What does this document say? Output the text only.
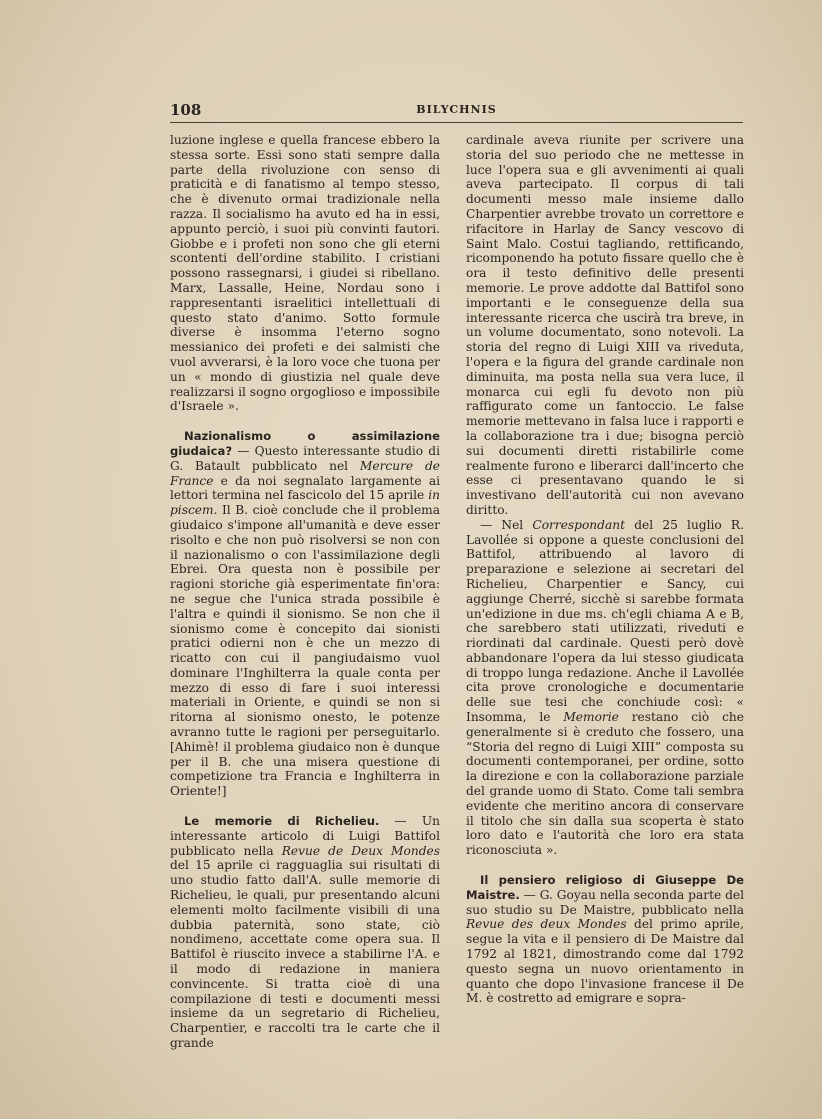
108	BILYCHNIS

luzione inglese e quella francese ebbero la stessa sorte. Essi sono stati sempre dalla parte della rivoluzione con senso di praticità e di fanatismo al tempo stesso, che è divenuto ormai tradizionale nella razza. Il socialismo ha avuto ed ha in essi, appunto perciò, i suoi più convinti fautori. Giobbe e i profeti non sono che gli eterni scontenti dell'ordine stabilito. I cristiani possono rassegnarsi, i giudei si ribellano. Marx, Lassalle, Heine, Nordau sono i rappresentanti israelitici intellettuali di questo stato d'animo. Sotto formule diverse è insomma l'eterno sogno messianico dei profeti e dei salmisti che vuol avverarsi, è la loro voce che tuona per un « mondo di giustizia nel quale deve realizzarsi il sogno orgoglioso e impossibile d'Israele ».

Nazionalismo o assimilazione giudaica? — Questo interessante studio di G. Batault pubblicato nel Mercure de France e da noi segnalato largamente ai lettori termina nel fascicolo del 15 aprile in piscem. Il B. cioè conclude che il problema giudaico s'impone all'umanità e deve esser risolto e che non può risolversi se non con il nazionalismo o con l'assimilazione degli Ebrei. Ora questa non è possibile per ragioni storiche già esperimentate fin'ora: ne segue che l'unica strada possibile è l'altra e quindi il sionismo. Se non che il sionismo come è concepito dai sionisti pratici odierni non è che un mezzo di ricatto con cui il pangiudaismo vuol dominare l'Inghilterra la quale conta per mezzo di esso di fare i suoi interessi materiali in Oriente, e quindi se non si ritorna al sionismo onesto, le potenze avranno tutte le ragioni per perseguitarlo. [Ahimè! il problema giudaico non è dunque per il B. che una misera questione di competizione tra Francia e Inghilterra in Oriente!]

Le memorie di Richelieu. — Un interessante articolo di Luigi Battifol pubblicato nella Revue de Deux Mondes del 15 aprile ci ragguaglia sui risultati di uno studio fatto dall'A. sulle memorie di Richelieu, le quali, pur presentando alcuni elementi molto facilmente visibili di una dubbia paternità, sono state, ciò nondimeno, accettate come opera sua. Il Battifol è riuscito invece a stabilirne l'A. e il modo di redazione in maniera convincente. Si tratta cioè di una compilazione di testi e documenti messi insieme da un segretario di Richelieu, Charpentier, e raccolti tra le carte che il grande

cardinale aveva riunite per scrivere una storia del suo periodo che ne mettesse in luce l'opera sua e gli avvenimenti ai quali aveva partecipato. Il corpus di tali documenti messo male insieme dallo Charpentier avrebbe trovato un correttore e rifacitore in Harlay de Sancy vescovo di Saint Malo. Costui tagliando, rettificando, ricomponendo ha potuto fissare quello che è ora il testo definitivo delle presenti memorie. Le prove addotte dal Battifol sono importanti e le conseguenze della sua interessante ricerca che uscirà tra breve, in un volume documentato, sono notevoli. La storia del regno di Luigi XIII va riveduta, l'opera e la figura del grande cardinale non diminuita, ma posta nella sua vera luce, il monarca cui egli fu devoto non più raffigurato come un fantoccio. Le false memorie mettevano in falsa luce i rapporti e la collaborazione tra i due; bisogna perciò sui documenti diretti ristabilirle come realmente furono e liberarci dall'incerto che esse ci presentavano quando le si investivano dell'autorità cui non avevano diritto.

— Nel Correspondant del 25 luglio R. Lavollée si oppone a queste conclusioni del Battifol, attribuendo al lavoro di preparazione e selezione ai secretari del Richelieu, Charpentier e Sancy, cui aggiunge Cherré, sicchè si sarebbe formata un'edizione in due ms. ch'egli chiama A e B, che sarebbero stati utilizzati, riveduti e riordinati dal cardinale. Questi però dovè abbandonare l'opera da lui stesso giudicata di troppo lunga redazione. Anche il Lavollée cita prove cronologiche e documentarie delle sue tesi che conchiude così: « Insomma, le Memorie restano ciò che generalmente si è creduto che fossero, una “Storia del regno di Luigi XIII” composta su documenti contemporanei, per ordine, sotto la direzione e con la collaborazione parziale del grande uomo di Stato. Come tali sembra evidente che meritino ancora di conservare il titolo che sin dalla sua scoperta è stato loro dato e l'autorità che loro era stata riconosciuta ».

Il pensiero religioso di Giuseppe De Maistre. — G. Goyau nella seconda parte del suo studio su De Maistre, pubblicato nella Revue des deux Mondes del primo aprile, segue la vita e il pensiero di De Maistre dal 1792 al 1821, dimostrando come dal 1792 questo segna un nuovo orientamento in quanto che dopo l'invasione francese il De M. è costretto ad emigrare e sopra-
